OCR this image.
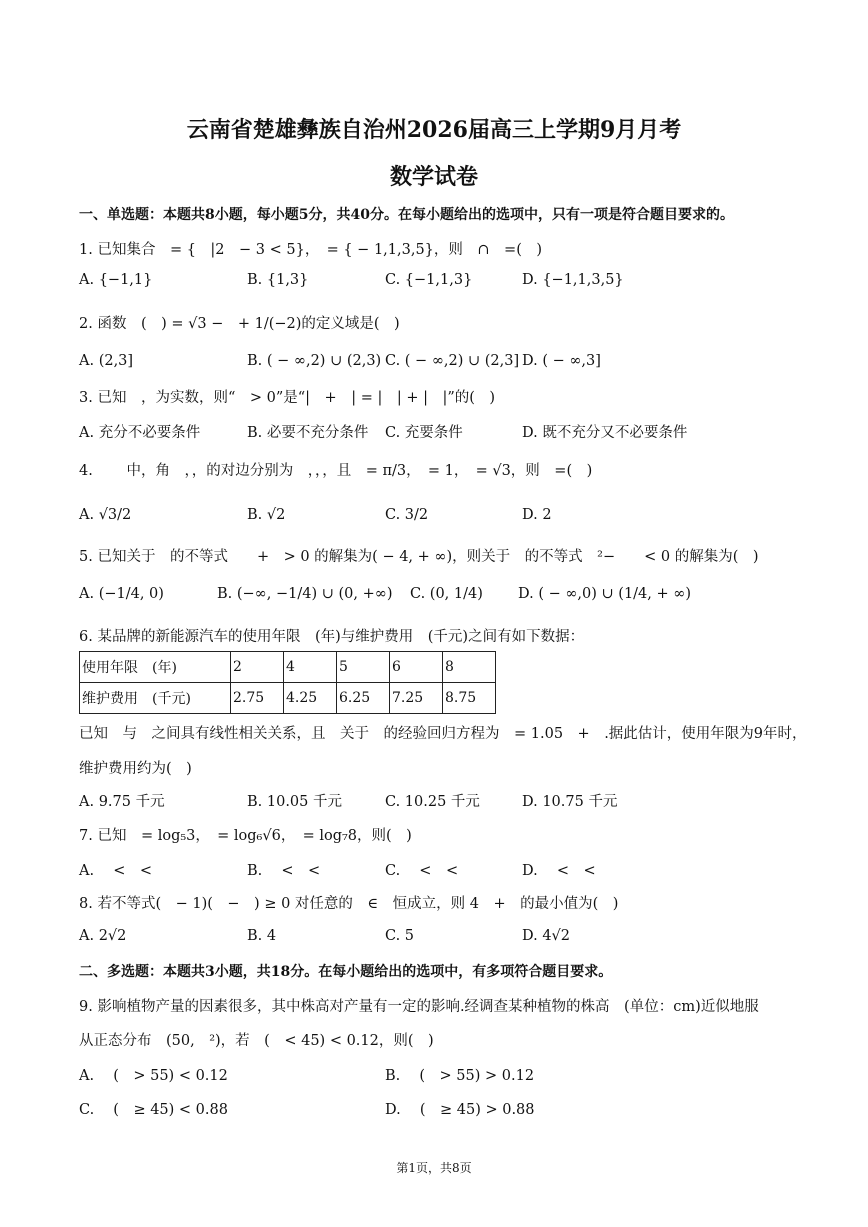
云南省楚雄彝族自治州2026届高三上学期9月月考
数学试卷
一、单选题：本题共8小题，每小题5分，共40分。在每小题给出的选项中，只有一项是符合题目要求的。
1. 已知集合　= {　|2　− 3 < 5}，　= { − 1,1,3,5}，则　∩　=(　)
A. {−1,1}	B. {1,3}	C. {−1,1,3}	D. {−1,1,3,5}
2. 函数　(　) = √3 −　+ 1/(−2)的定义域是(　)
A. (2,3]	B. ( − ∞,2) ∪ (2,3) C. ( − ∞,2) ∪ (2,3] D. ( − ∞,3]
3. 已知　，为实数，则“　> 0”是“|　+　| = |　| + |　|”的(　)
A. 充分不必要条件	B. 必要不充分条件 C. 充要条件	D. 既不充分又不必要条件
4. 　　中，角　，，的对边分别为　，，，且　= π/3，　= 1，　= √3，则　=(　)
A. √3/2	B. √2	C. 3/2	D. 2
5. 已知关于　的不等式　　+　> 0 的解集为( − 4, + ∞)，则关于　的不等式　²−　　< 0 的解集为(　)
A. (−1/4, 0)	B. (−∞, −1/4) ∪ (0, +∞) C. (0, 1/4) D. ( − ∞,0) ∪ (1/4, + ∞)
6. 某品牌的新能源汽车的使用年限　(年)与维护费用　(千元)之间有如下数据：
使用年限　(年)	2	4	5	6	8
维护费用　(千元)	2.75	4.25	6.25	7.25	8.75
已知　与　之间具有线性相关关系，且　关于　的经验回归方程为　= 1.05　+　.据此估计，使用年限为9年时，
维护费用约为(　)
A. 9.75 千元	B. 10.05 千元	C. 10.25 千元	D. 10.75 千元
7. 已知　= log₅3，　= log₆√6，　= log₇8，则(　)
A. 　<　<	B. 　<　<	C. 　<　<	D. 　<　<
8. 若不等式(　− 1)(　−　) ≥ 0 对任意的　∈　恒成立，则 4　+　的最小值为(　)
A. 2√2	B. 4	C. 5	D. 4√2
二、多选题：本题共3小题，共18分。在每小题给出的选项中，有多项符合题目要求。
9. 影响植物产量的因素很多，其中株高对产量有一定的影响.经调查某种植物的株高　(单位：cm)近似地服
从正态分布　(50,　²)，若　(　< 45) < 0.12，则(　)
A. 　(　> 55) < 0.12	B. 　(　> 55) > 0.12
C. 　(　≥ 45) < 0.88	D. 　(　≥ 45) > 0.88
第1页，共8页
